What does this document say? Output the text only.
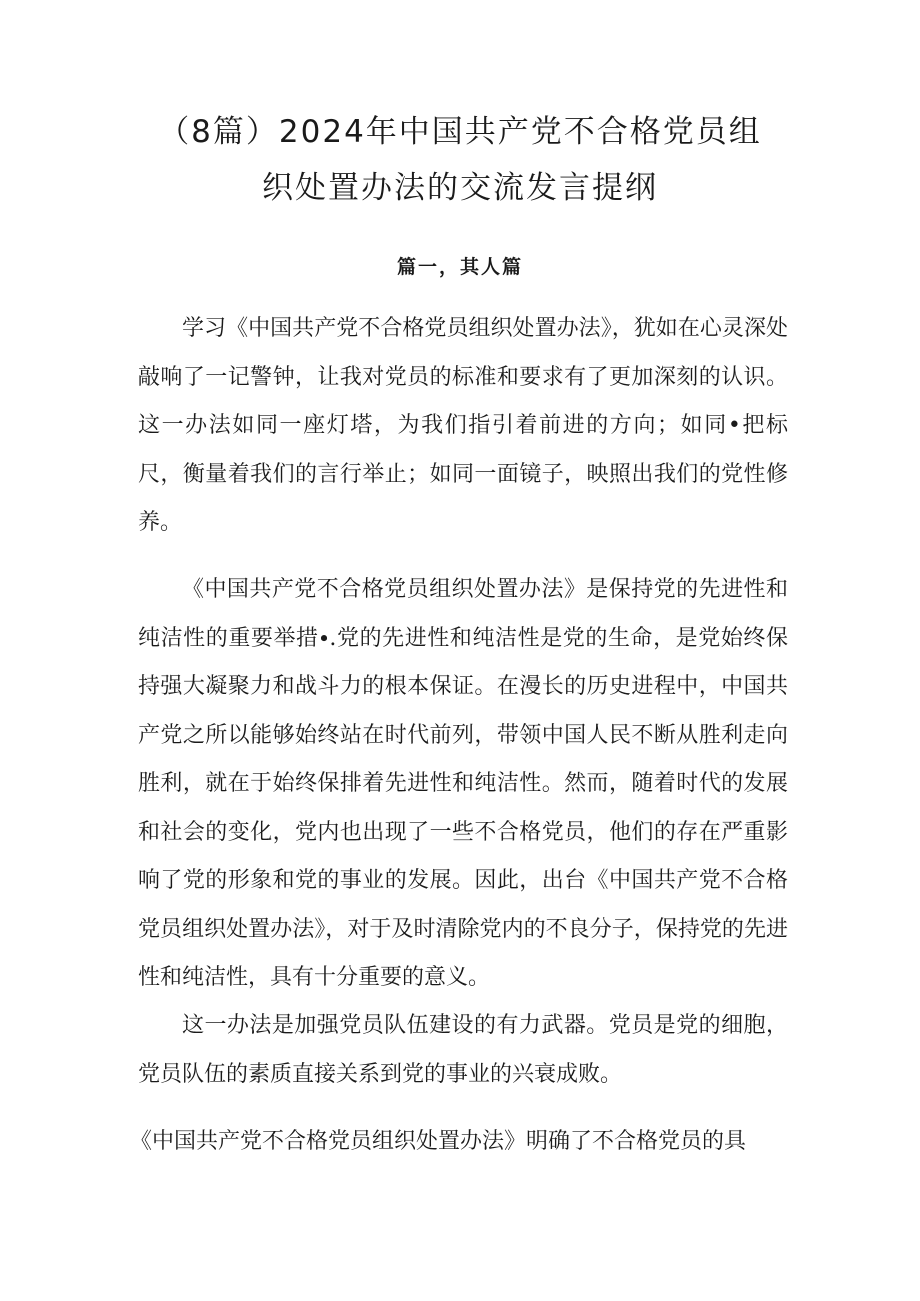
（8篇）2024年中国共产党不合格党员组
织处置办法的交流发言提纲
篇一，其人篇

学习《中国共产党不合格党员组织处置办法》，犹如在心灵深处敲响了一记警钟，让我对党员的标准和要求有了更加深刻的认识。这一办法如同一座灯塔，为我们指引着前进的方向；如同•把标尺，衡量着我们的言行举止；如同一面镜子，映照出我们的党性修养。

《中国共产党不合格党员组织处置办法》是保持党的先进性和纯洁性的重要举措∙.党的先进性和纯洁性是党的生命，是党始终保持强大凝聚力和战斗力的根本保证。在漫长的历史进程中，中国共产党之所以能够始终站在时代前列，带领中国人民不断从胜利走向胜利，就在于始终保排着先进性和纯洁性。然而，随着时代的发展和社会的变化，党内也出现了一些不合格党员，他们的存在严重影响了党的形象和党的事业的发展。因此，出台《中国共产党不合格党员组织处置办法》，对于及时清除党内的不良分子，保持党的先进性和纯洁性，具有十分重要的意义。

这一办法是加强党员队伍建设的有力武器。党员是党的细胞，党员队伍的素质直接关系到党的事业的兴衰成败。

《中国共产党不合格党员组织处置办法》明确了不合格党员的具
